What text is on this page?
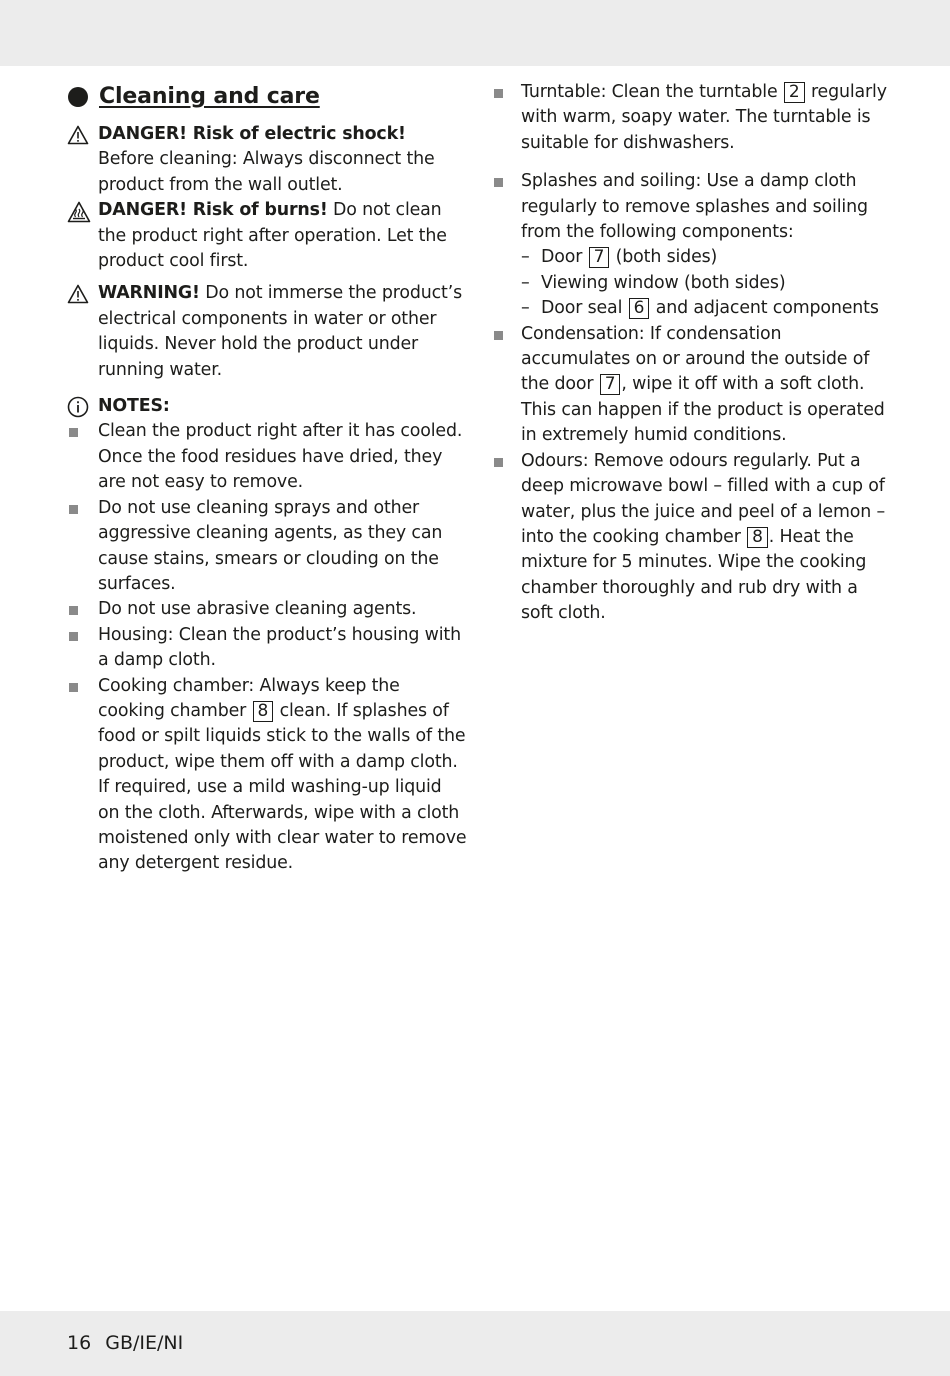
Cleaning and care
DANGER! Risk of electric shock! Before cleaning: Always disconnect the product from the wall outlet.
DANGER! Risk of burns! Do not clean the product right after operation. Let the product cool first.
WARNING! Do not immerse the product’s electrical components in water or other liquids. Never hold the product under running water.
NOTES:
Clean the product right after it has cooled. Once the food residues have dried, they are not easy to remove.
Do not use cleaning sprays and other aggressive cleaning agents, as they can cause stains, smears or clouding on the surfaces.
Do not use abrasive cleaning agents.
Housing: Clean the product’s housing with a damp cloth.
Cooking chamber: Always keep the cooking chamber 8 clean. If splashes of food or spilt liquids stick to the walls of the product, wipe them off with a damp cloth.
If required, use a mild washing-up liquid on the cloth. Afterwards, wipe with a cloth moistened only with clear water to remove any detergent residue.
Turntable: Clean the turntable 2 regularly with warm, soapy water. The turntable is suitable for dishwashers.
Splashes and soiling: Use a damp cloth regularly to remove splashes and soiling from the following components:
– Door 7 (both sides)
– Viewing window (both sides)
– Door seal 6 and adjacent components
Condensation: If condensation accumulates on or around the outside of the door 7 , wipe it off with a soft cloth. This can happen if the product is operated in extremely humid conditions.
Odours: Remove odours regularly. Put a deep microwave bowl – filled with a cup of water, plus the juice and peel of a lemon – into the cooking chamber 8 . Heat the mixture for 5 minutes. Wipe the cooking chamber thoroughly and rub dry with a soft cloth.
16 GB/IE/NI
